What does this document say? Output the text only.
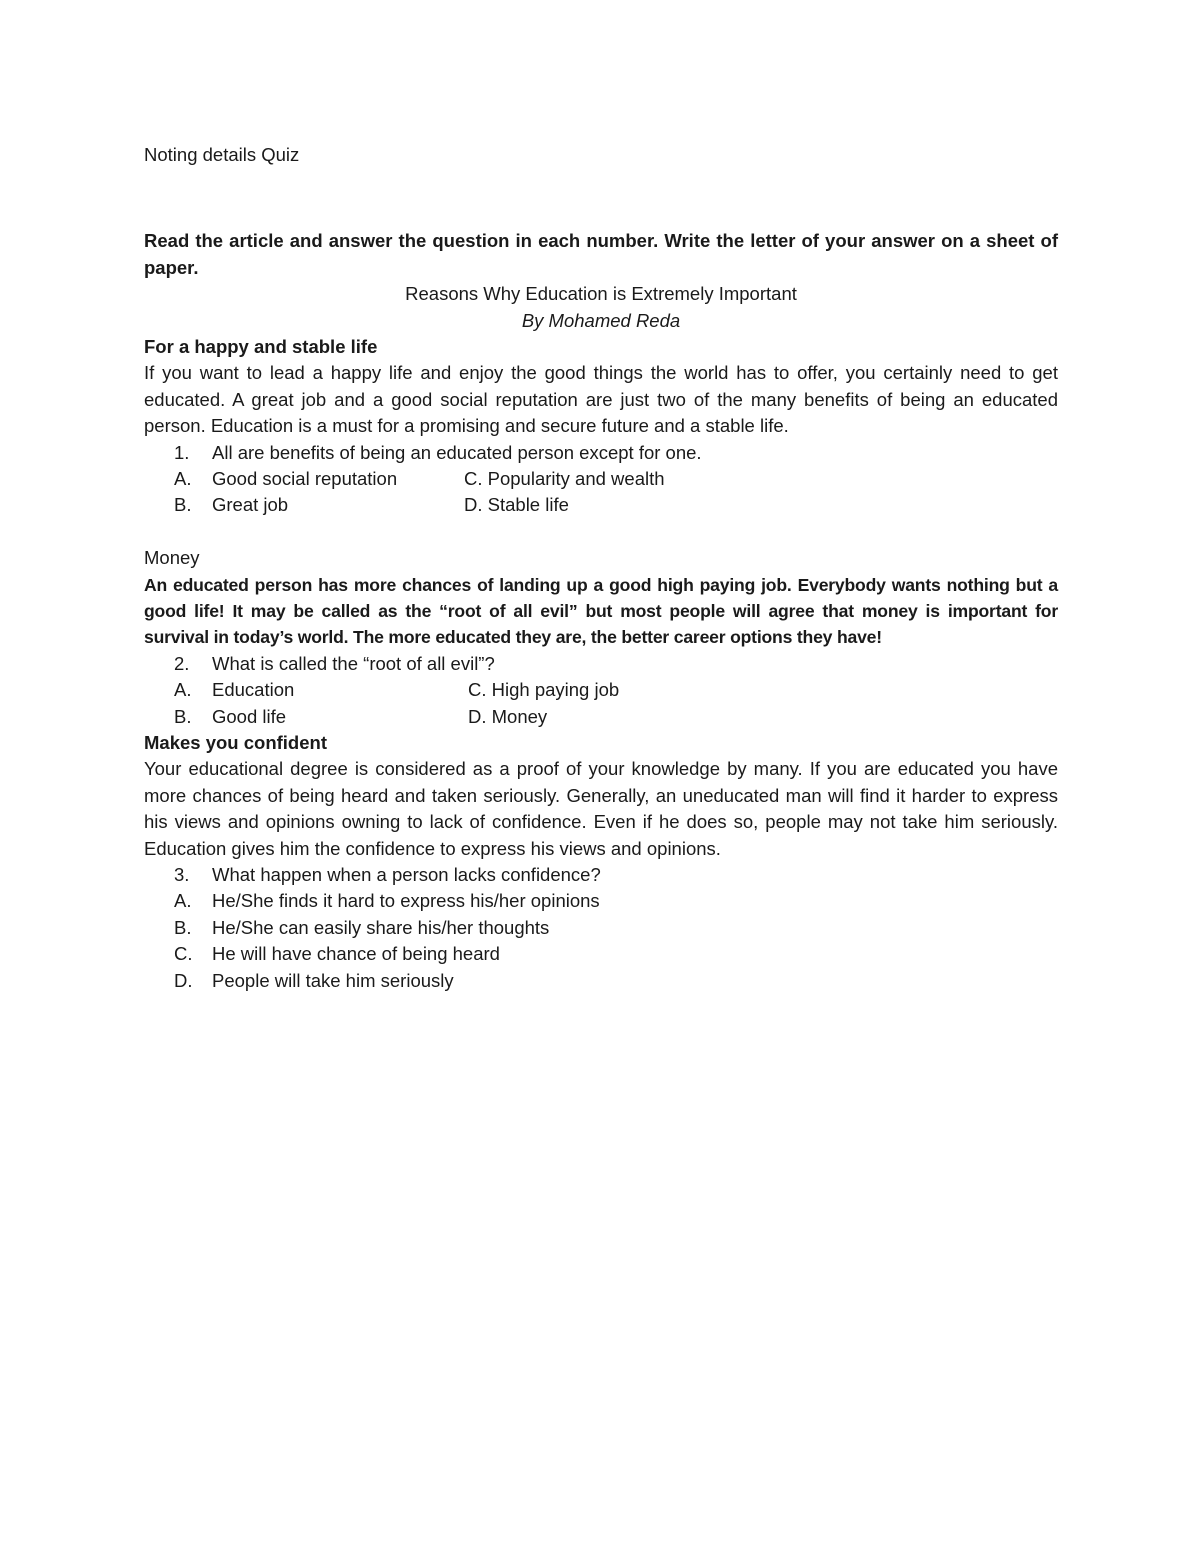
Noting details Quiz

Read the article and answer the question in each number. Write the letter of your answer on a sheet of paper.

Reasons Why Education is Extremely Important

By Mohamed Reda

For a happy and stable life

If you want to lead a happy life and enjoy the good things the world has to offer, you certainly need to get educated. A great job and a good social reputation are just two of the many benefits of being an educated person. Education is a must for a promising and secure future and a stable life.

1. All are benefits of being an educated person except for one.
A. Good social reputation	C. Popularity and wealth
B. Great job	D. Stable life

Money

An educated person has more chances of landing up a good high paying job. Everybody wants nothing but a good life! It may be called as the “root of all evil” but most people will agree that money is important for survival in today’s world. The more educated they are, the better career options they have!

2. What is called the “root of all evil”?
A. Education	C. High paying job
B. Good life	D. Money

Makes you confident

Your educational degree is considered as a proof of your knowledge by many. If you are educated you have more chances of being heard and taken seriously. Generally, an uneducated man will find it harder to express his views and opinions owning to lack of confidence. Even if he does so, people may not take him seriously. Education gives him the confidence to express his views and opinions.

3. What happen when a person lacks confidence?
A. He/She finds it hard to express his/her opinions
B. He/She can easily share his/her thoughts
C. He will have chance of being heard
D. People will take him seriously
